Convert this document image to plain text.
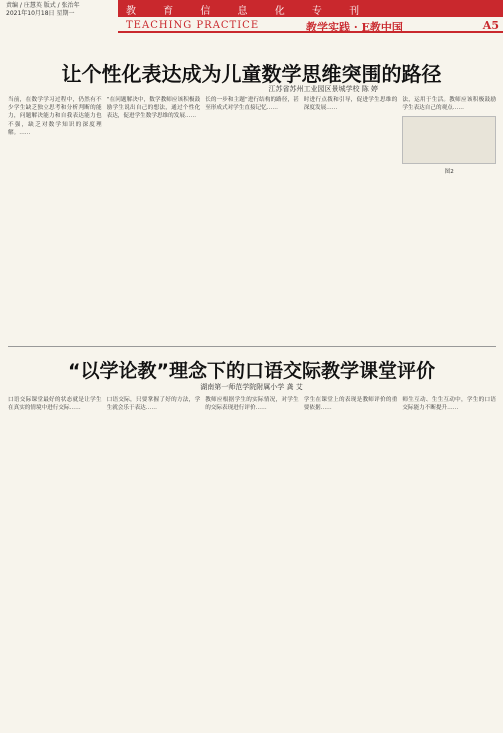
责编 / 庄慧英 版式 / 张治年
2021年10月18日 星期一	教 育 信 息 化 专 刊
TEACHING PRACTICE	教学实践 · E教中国	A5
让个性化表达成为儿童数学思维突围的路径
江苏省苏州工业园区景城学校 陈 婷
当前，在数学学习过程中，仍然有不少学生缺乏独立思考和分析判断的能力，问题解决能力和自我表达能力也不强，缺乏对数学知识的深度理解。……
“在问题解决中，数学教师应该积极鼓励学生说出自己的想法，通过个性化表达，促进学生数学思维的发展……
长的一步和主题“进行结构的路径，甚至形成式对学生直接记忆……
时进行点拨和引导，促进学生思维的深度发展……
法，运用于生活。教师应该积极鼓励学生表达自己的观点……
图2
“以学论教”理念下的口语交际教学课堂评价
湖南第一师范学院附属小学 龚 艾
口语交际课堂最好的状态就是让学生在真实的情境中进行交际……
口语交际，只要掌握了好的方法，学生就会乐于表达……
教师应根据学生的实际情况，对学生的交际表现进行评价……
学生在课堂上的表现是教师评价的重要依据……
师生互动、生生互动中，学生的口语交际能力不断提升……
